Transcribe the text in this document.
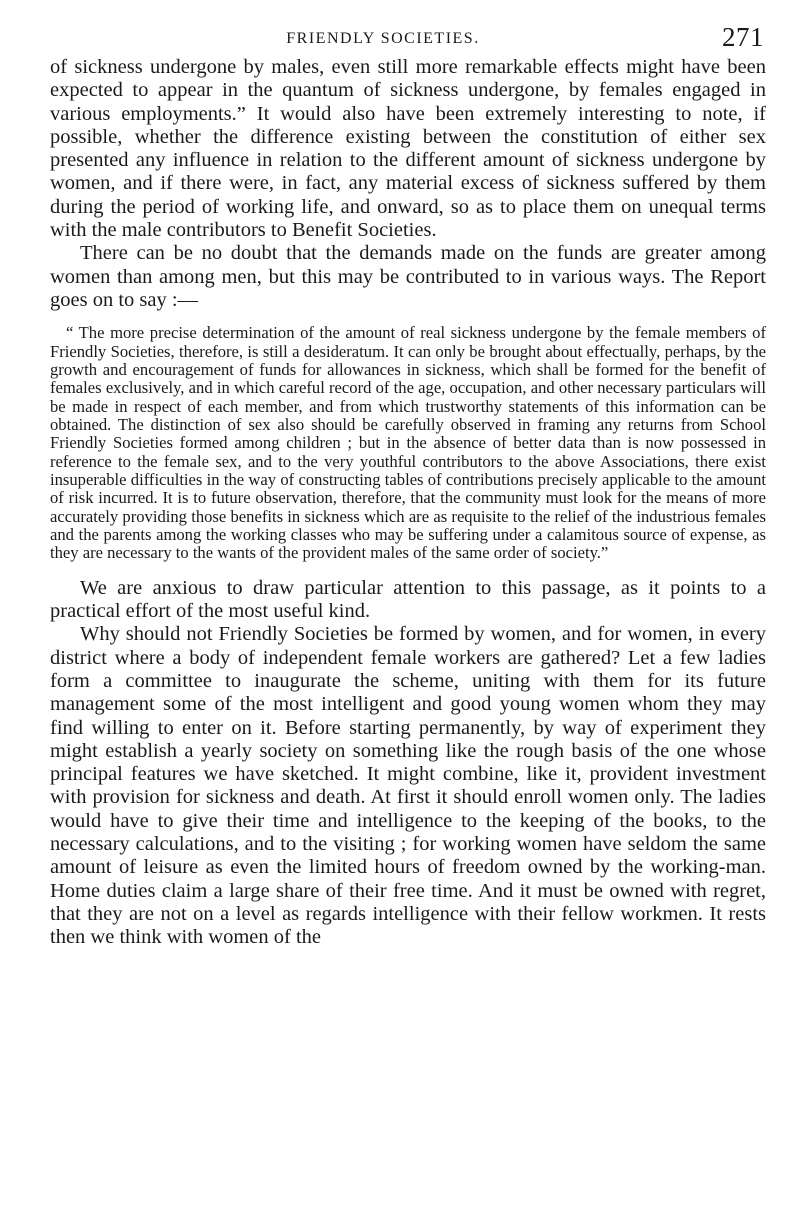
FRIENDLY SOCIETIES.	271

of sickness undergone by males, even still more remarkable effects might have been expected to appear in the quantum of sickness undergone, by females engaged in various employments.” It would also have been extremely interesting to note, if possible, whether the difference existing between the constitution of either sex presented any influence in relation to the different amount of sickness undergone by women, and if there were, in fact, any material excess of sickness suffered by them during the period of working life, and onward, so as to place them on unequal terms with the male contributors to Benefit Societies.

There can be no doubt that the demands made on the funds are greater among women than among men, but this may be contributed to in various ways. The Report goes on to say :—

“ The more precise determination of the amount of real sickness undergone by the female members of Friendly Societies, therefore, is still a desideratum. It can only be brought about effectually, perhaps, by the growth and encouragement of funds for allowances in sickness, which shall be formed for the benefit of females exclusively, and in which careful record of the age, occupation, and other necessary particulars will be made in respect of each member, and from which trustworthy statements of this information can be obtained. The distinction of sex also should be carefully observed in framing any returns from School Friendly Societies formed among children ; but in the absence of better data than is now possessed in reference to the female sex, and to the very youthful contributors to the above Associations, there exist insuperable difficulties in the way of constructing tables of contributions precisely applicable to the amount of risk incurred. It is to future observation, therefore, that the community must look for the means of more accurately providing those benefits in sickness which are as requisite to the relief of the industrious females and the parents among the working classes who may be suffering under a calamitous source of expense, as they are necessary to the wants of the provident males of the same order of society.”

We are anxious to draw particular attention to this passage, as it points to a practical effort of the most useful kind.

Why should not Friendly Societies be formed by women, and for women, in every district where a body of independent female workers are gathered? Let a few ladies form a committee to inaugurate the scheme, uniting with them for its future management some of the most intelligent and good young women whom they may find willing to enter on it. Before starting permanently, by way of experiment they might establish a yearly society on something like the rough basis of the one whose principal features we have sketched. It might combine, like it, provident investment with provision for sickness and death. At first it should enroll women only. The ladies would have to give their time and intelligence to the keeping of the books, to the necessary calculations, and to the visiting ; for working women have seldom the same amount of leisure as even the limited hours of freedom owned by the working-man. Home duties claim a large share of their free time. And it must be owned with regret, that they are not on a level as regards intelligence with their fellow workmen. It rests then we think with women of the
